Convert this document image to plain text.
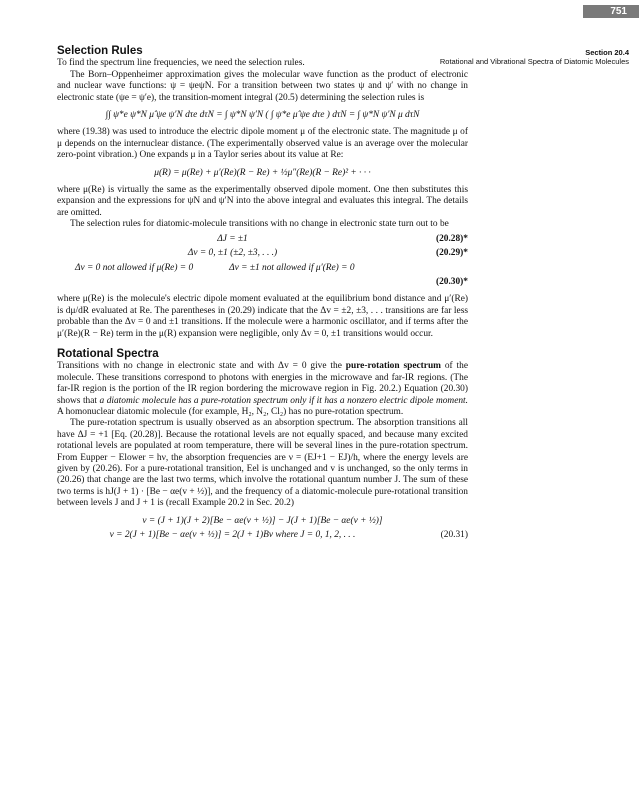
751
Section 20.4
Rotational and Vibrational Spectra of Diatomic Molecules
Selection Rules

To find the spectrum line frequencies, we need the selection rules.

The Born–Oppenheimer approximation gives the molecular wave function as the product of electronic and nuclear wave functions: ψ = ψeψN. For a transition between two states ψ and ψ′ with no change in electronic state (ψe = ψ′e), the transition-moment integral (20.5) determining the selection rules is

∫∫ ψ*e ψ*N μ̂ ψe ψ′N dτe dτN = ∫ ψ*N ψ′N ( ∫ ψ*e μ̂ ψe dτe ) dτN = ∫ ψ*N ψ′N μ dτN

where (19.38) was used to introduce the electric dipole moment μ of the electronic state. The magnitude μ of μ depends on the internuclear distance. (The experimentally observed value is an average over the molecular zero-point vibration.) One expands μ in a Taylor series about its value at Re:

μ(R) = μ(Re) + μ′(Re)(R − Re) + ½μ″(Re)(R − Re)² + · · ·

where μ(Re) is virtually the same as the experimentally observed dipole moment. One then substitutes this expansion and the expressions for ψN and ψ′N into the above integral and evaluates this integral. The details are omitted.

The selection rules for diatomic-molecule transitions with no change in electronic state turn out to be

ΔJ = ±1	(20.28)*
Δv = 0, ±1 (±2, ±3, . . .)	(20.29)*
Δv = 0 not allowed if μ(Re) = 0	Δv = ±1 not allowed if μ′(Re) = 0
(20.30)*

where μ(Re) is the molecule's electric dipole moment evaluated at the equilibrium bond distance and μ′(Re) is dμ/dR evaluated at Re. The parentheses in (20.29) indicate that the Δv = ±2, ±3, . . . transitions are far less probable than the Δv = 0 and ±1 transitions. If the molecule were a harmonic oscillator, and if terms after the μ′(Re)(R − Re) term in the μ(R) expansion were negligible, only Δv = 0, ±1 transitions would occur.

Rotational Spectra

Transitions with no change in electronic state and with Δv = 0 give the pure-rotation spectrum of the molecule. These transitions correspond to photons with energies in the microwave and far-IR regions. (The far-IR region is the portion of the IR region bordering the microwave region in Fig. 20.2.) Equation (20.30) shows that a diatomic molecule has a pure-rotation spectrum only if it has a nonzero electric dipole moment. A homonuclear diatomic molecule (for example, H₂, N₂, Cl₂) has no pure-rotation spectrum.

The pure-rotation spectrum is usually observed as an absorption spectrum. The absorption transitions all have ΔJ = +1 [Eq. (20.28)]. Because the rotational levels are not equally spaced, and because many excited rotational levels are populated at room temperature, there will be several lines in the pure-rotation spectrum. From Eupper − Elower = hν, the absorption frequencies are ν = (EJ+1 − EJ)/h, where the energy levels are given by (20.26). For a pure-rotational transition, Eel is unchanged and v is unchanged, so the only terms in (20.26) that change are the last two terms, which involve the rotational quantum number J. The sum of these two terms is hJ(J + 1) · [Be − αe(v + ½)], and the frequency of a diatomic-molecule pure-rotational transition between levels J and J + 1 is (recall Example 20.2 in Sec. 20.2)

ν = (J + 1)(J + 2)[Be − αe(v + ½)] − J(J + 1)[Be − αe(v + ½)]
ν = 2(J + 1)[Be − αe(v + ½)] = 2(J + 1)Bv where J = 0, 1, 2, . . .	(20.31)
